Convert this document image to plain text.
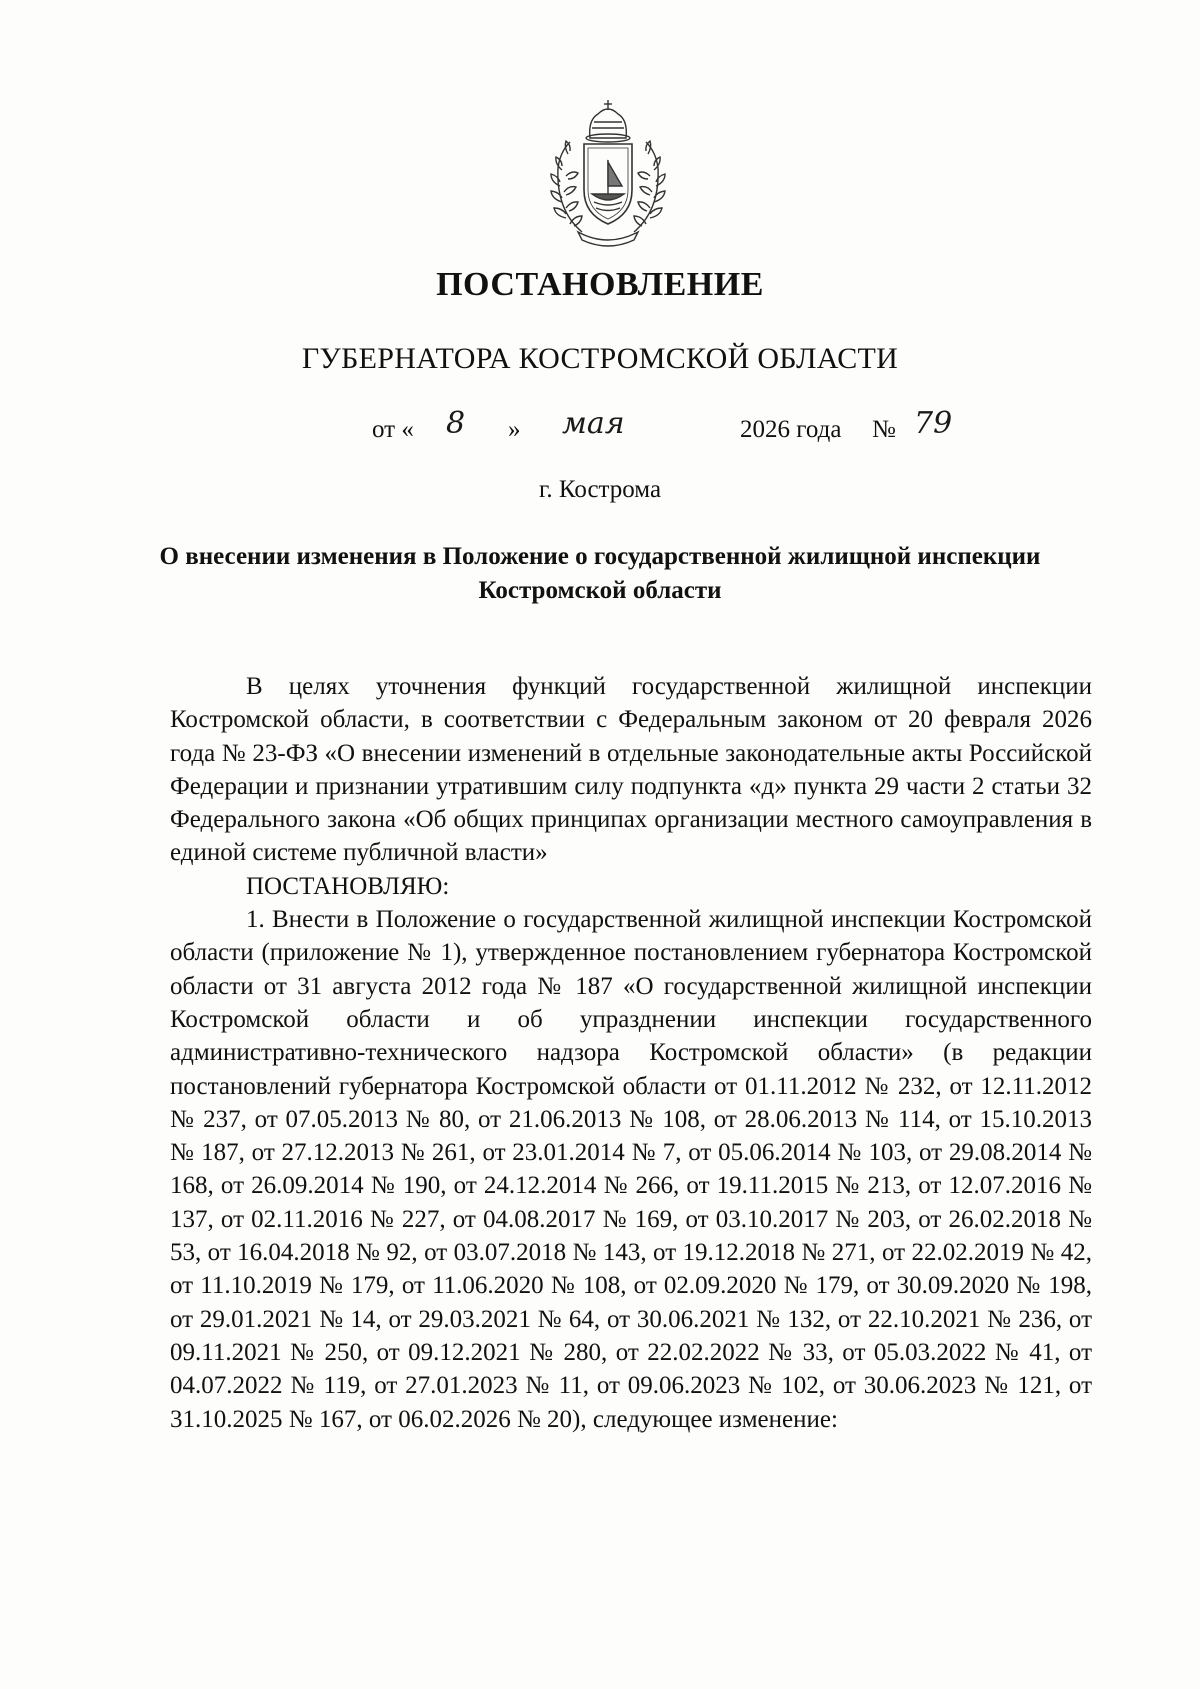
ПОСТАНОВЛЕНИЕ
ГУБЕРНАТОРА КОСТРОМСКОЙ ОБЛАСТИ
от « 8 » мая	2026 года № 79
г. Кострома
О внесении изменения в Положение о государственной жилищной инспекции Костромской области

В целях уточнения функций государственной жилищной инспекции Костромской области, в соответствии с Федеральным законом от 20 февраля 2026 года № 23-ФЗ «О внесении изменений в отдельные законодательные акты Российской Федерации и признании утратившим силу подпункта «д» пункта 29 части 2 статьи 32 Федерального закона «Об общих принципах организации местного самоуправления в единой системе публичной власти»

ПОСТАНОВЛЯЮ:

1. Внести в Положение о государственной жилищной инспекции Костромской области (приложение № 1), утвержденное постановлением губернатора Костромской области от 31 августа 2012 года № 187 «О государственной жилищной инспекции Костромской области и об упразднении инспекции государственного административно-технического надзора Костромской области» (в редакции постановлений губернатора Костромской области от 01.11.2012 № 232, от 12.11.2012 № 237, от 07.05.2013 № 80, от 21.06.2013 № 108, от 28.06.2013 № 114, от 15.10.2013 № 187, от 27.12.2013 № 261, от 23.01.2014 № 7, от 05.06.2014 № 103, от 29.08.2014 № 168, от 26.09.2014 № 190, от 24.12.2014 № 266, от 19.11.2015 № 213, от 12.07.2016 № 137, от 02.11.2016 № 227, от 04.08.2017 № 169, от 03.10.2017 № 203, от 26.02.2018 № 53, от 16.04.2018 № 92, от 03.07.2018 № 143, от 19.12.2018 № 271, от 22.02.2019 № 42, от 11.10.2019 № 179, от 11.06.2020 № 108, от 02.09.2020 № 179, от 30.09.2020 № 198, от 29.01.2021 № 14, от 29.03.2021 № 64, от 30.06.2021 № 132, от 22.10.2021 № 236, от 09.11.2021 № 250, от 09.12.2021 № 280, от 22.02.2022 № 33, от 05.03.2022 № 41, от 04.07.2022 № 119, от 27.01.2023 № 11, от 09.06.2023 № 102, от 30.06.2023 № 121, от 31.10.2025 № 167, от 06.02.2026 № 20), следующее изменение:
